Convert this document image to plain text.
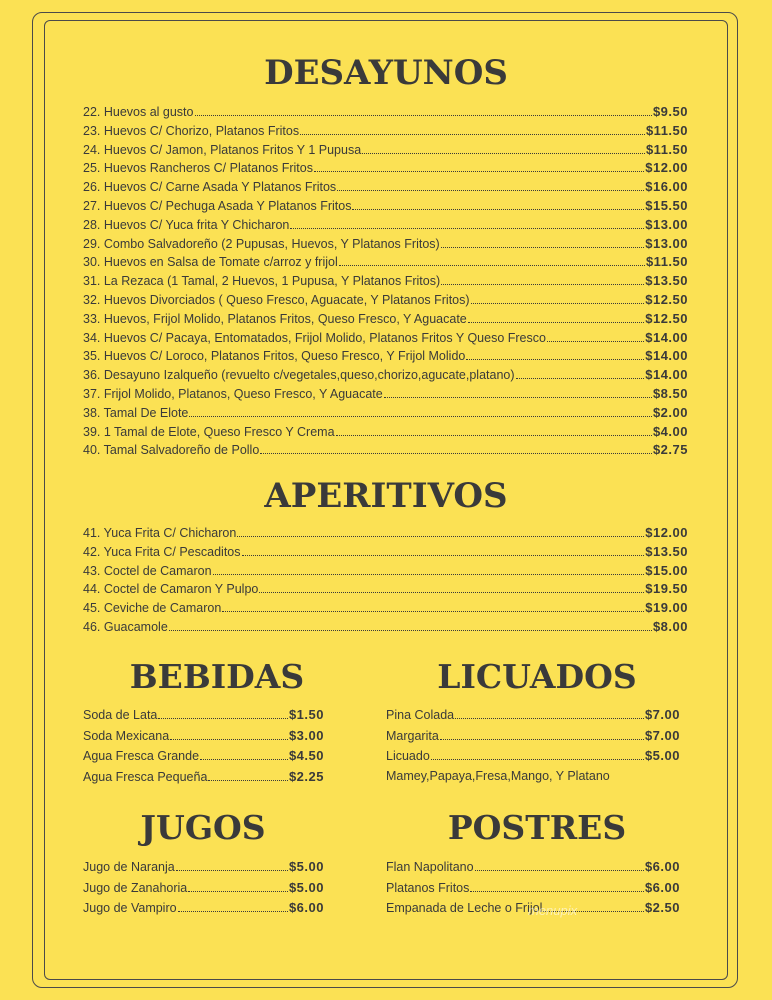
DESAYUNOS
22. Huevos al gusto	$9.50
23. Huevos C/ Chorizo, Platanos Fritos	$11.50
24. Huevos C/ Jamon, Platanos Fritos Y 1 Pupusa	$11.50
25. Huevos Rancheros C/ Platanos Fritos	$12.00
26. Huevos C/ Carne Asada Y Platanos Fritos	$16.00
27. Huevos C/ Pechuga Asada Y Platanos Fritos	$15.50
28. Huevos C/ Yuca frita Y Chicharon	$13.00
29. Combo Salvadoreño (2 Pupusas, Huevos, Y Platanos Fritos)	$13.00
30. Huevos en Salsa de Tomate c/arroz y frijol	$11.50
31. La Rezaca (1 Tamal, 2 Huevos, 1 Pupusa, Y Platanos Fritos)	$13.50
32. Huevos Divorciados ( Queso Fresco, Aguacate, Y Platanos Fritos)	$12.50
33. Huevos, Frijol Molido, Platanos Fritos, Queso Fresco, Y Aguacate	$12.50
34. Huevos C/ Pacaya, Entomatados, Frijol Molido, Platanos Fritos Y Queso Fresco	$14.00
35. Huevos C/ Loroco, Platanos Fritos, Queso Fresco, Y Frijol Molido	$14.00
36. Desayuno Izalqueño (revuelto c/vegetales,queso,chorizo,agucate,platano)	$14.00
37. Frijol Molido, Platanos, Queso Fresco, Y Aguacate	$8.50
38. Tamal De Elote	$2.00
39. 1 Tamal de Elote, Queso Fresco Y Crema	$4.00
40. Tamal Salvadoreño de Pollo	$2.75
APERITIVOS
41. Yuca Frita C/ Chicharon	$12.00
42. Yuca Frita C/ Pescaditos	$13.50
43. Coctel de Camaron	$15.00
44. Coctel de Camaron Y Pulpo	$19.50
45. Ceviche de Camaron	$19.00
46. Guacamole	$8.00
BEBIDAS
Soda de Lata	$1.50
Soda Mexicana	$3.00
Agua Fresca Grande	$4.50
Agua Fresca Pequeña	$2.25
LICUADOS
Pina Colada	$7.00
Margarita	$7.00
Licuado	$5.00
Mamey,Papaya,Fresa,Mango, Y Platano
JUGOS
Jugo de Naranja	$5.00
Jugo de Zanahoria	$5.00
Jugo de Vampiro	$6.00
POSTRES
Flan Napolitano	$6.00
Platanos Fritos	$6.00
Empanada de Leche o Frijol	$2.50
menupix
